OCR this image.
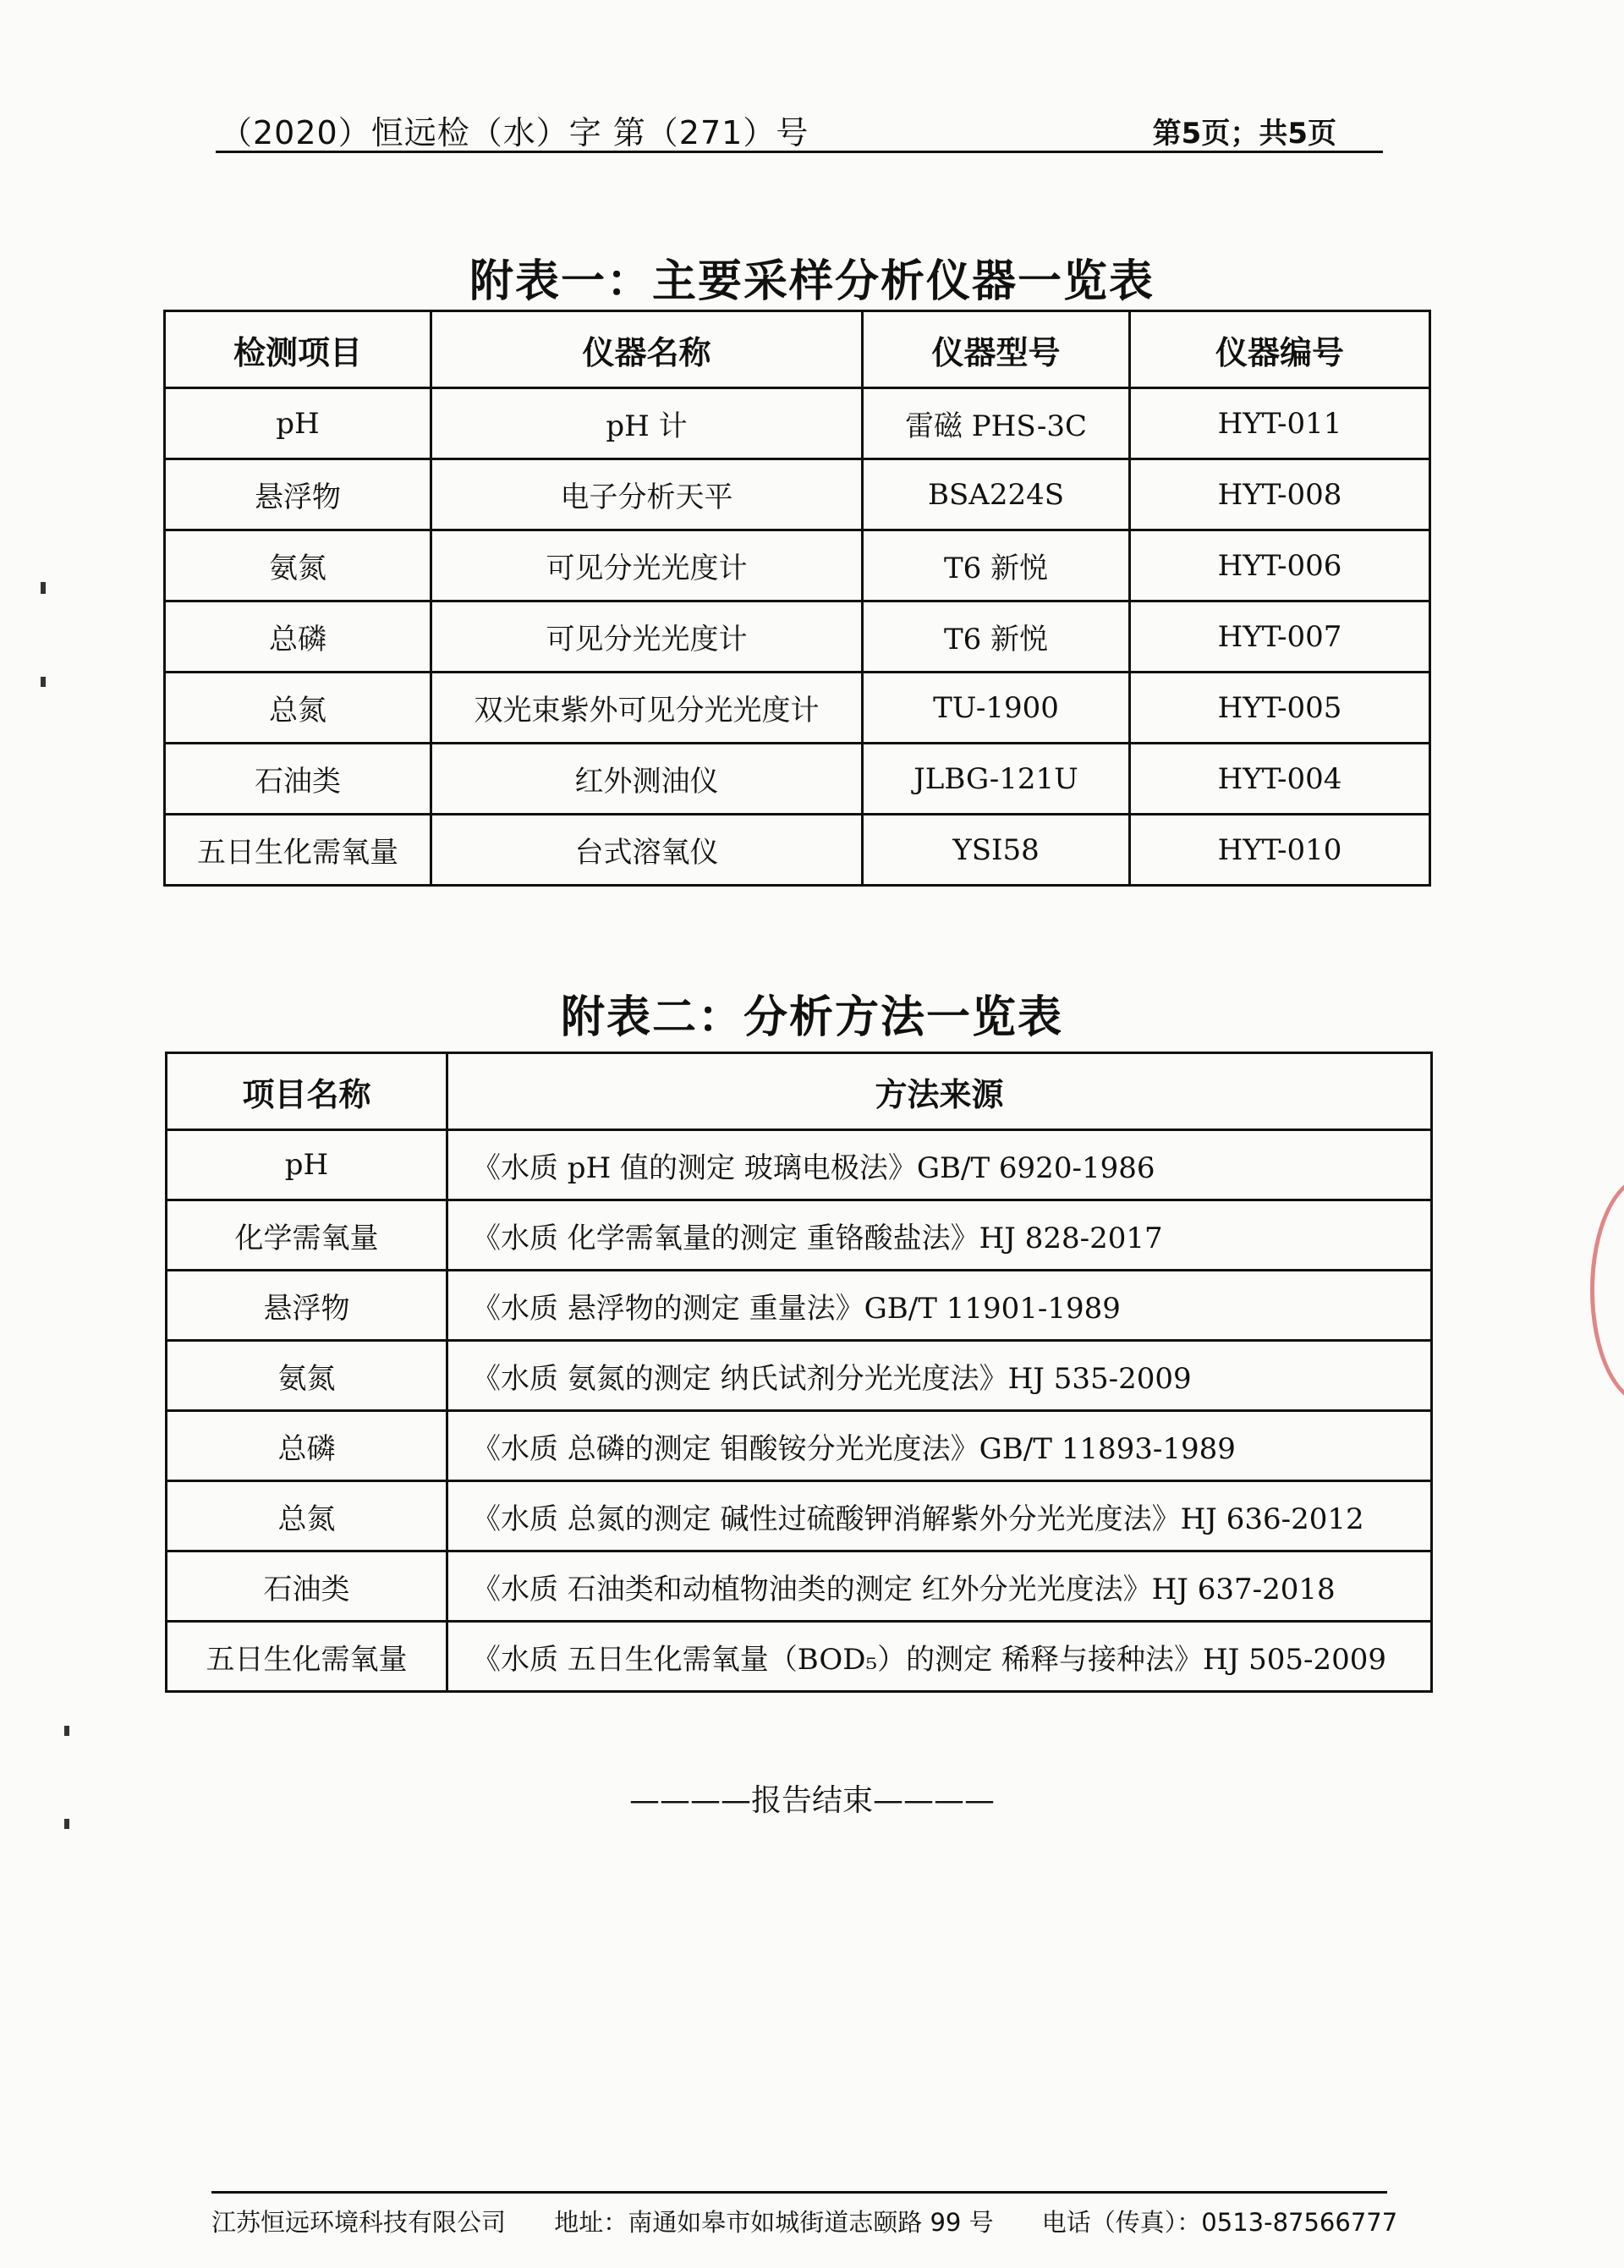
（2020）恒远检（水）字 第（271）号	第5页；共5页
附表一：主要采样分析仪器一览表
检测项目	仪器名称	仪器型号	仪器编号
pH	pH 计	雷磁 PHS-3C	HYT-011
悬浮物	电子分析天平	BSA224S	HYT-008
氨氮	可见分光光度计	T6 新悦	HYT-006
总磷	可见分光光度计	T6 新悦	HYT-007
总氮	双光束紫外可见分光光度计	TU-1900	HYT-005
石油类	红外测油仪	JLBG-121U	HYT-004
五日生化需氧量	台式溶氧仪	YSI58	HYT-010
附表二：分析方法一览表
项目名称	方法来源
pH	《水质 pH 值的测定 玻璃电极法》GB/T 6920-1986
化学需氧量	《水质 化学需氧量的测定 重铬酸盐法》HJ 828-2017
悬浮物	《水质 悬浮物的测定 重量法》GB/T 11901-1989
氨氮	《水质 氨氮的测定 纳氏试剂分光光度法》HJ 535-2009
总磷	《水质 总磷的测定 钼酸铵分光光度法》GB/T 11893-1989
总氮	《水质 总氮的测定 碱性过硫酸钾消解紫外分光光度法》HJ 636-2012
石油类	《水质 石油类和动植物油类的测定 红外分光光度法》HJ 637-2018
五日生化需氧量	《水质 五日生化需氧量（BOD₅）的测定 稀释与接种法》HJ 505-2009
————报告结束————
江苏恒远环境科技有限公司 地址：南通如皋市如城街道志颐路 99 号 电话（传真）：0513-87566777
